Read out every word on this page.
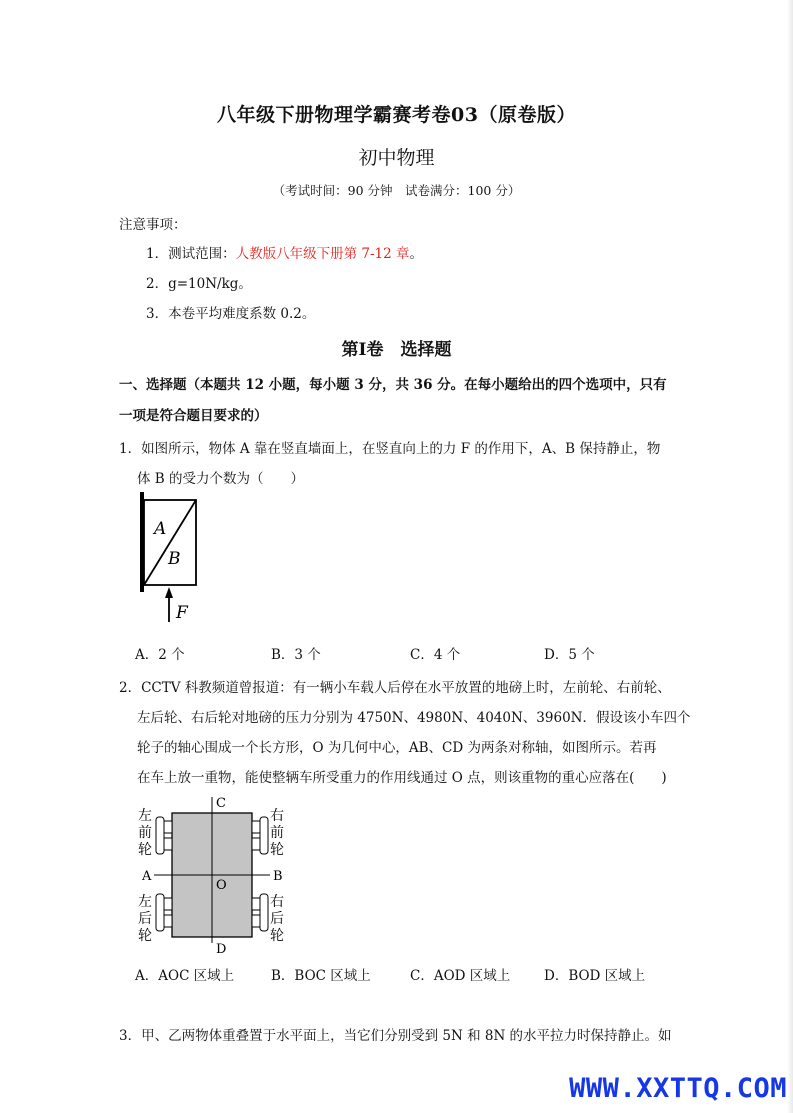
八年级下册物理学霸赛考卷03（原卷版）
初中物理
（考试时间：90 分钟　试卷满分：100 分）
注意事项：
1．测试范围：人教版八年级下册第 7-12 章。
2．g=10N/kg。
3．本卷平均难度系数 0.2。
第Ⅰ卷　选择题
一、选择题（本题共 12 小题，每小题 3 分，共 36 分。在每小题给出的四个选项中，只有
一项是符合题目要求的）
1．如图所示，物体 A 靠在竖直墙面上，在竖直向上的力 F 的作用下，A、B 保持静止，物
体 B 的受力个数为（　　）
A
B
F
A．2 个	B．3 个	C．4 个	D．5 个
2．CCTV 科教频道曾报道：有一辆小车载人后停在水平放置的地磅上时，左前轮、右前轮、
左后轮、右后轮对地磅的压力分别为 4750N、4980N、4040N、3960N．假设该小车四个
轮子的轴心围成一个长方形，O 为几何中心，AB、CD 为两条对称轴，如图所示。若再
在车上放一重物，能使整辆车所受重力的作用线通过 O 点，则该重物的重心应落在(　　)
C
D
A	B
O
左
前
轮
右
前
轮
左
后
轮
右
后
轮
A．AOC 区域上	B．BOC 区域上	C．AOD 区域上 D．BOD 区域上
3．甲、乙两物体重叠置于水平面上，当它们分别受到 5N 和 8N 的水平拉力时保持静止。如
WWW.XXTTQ.COM
